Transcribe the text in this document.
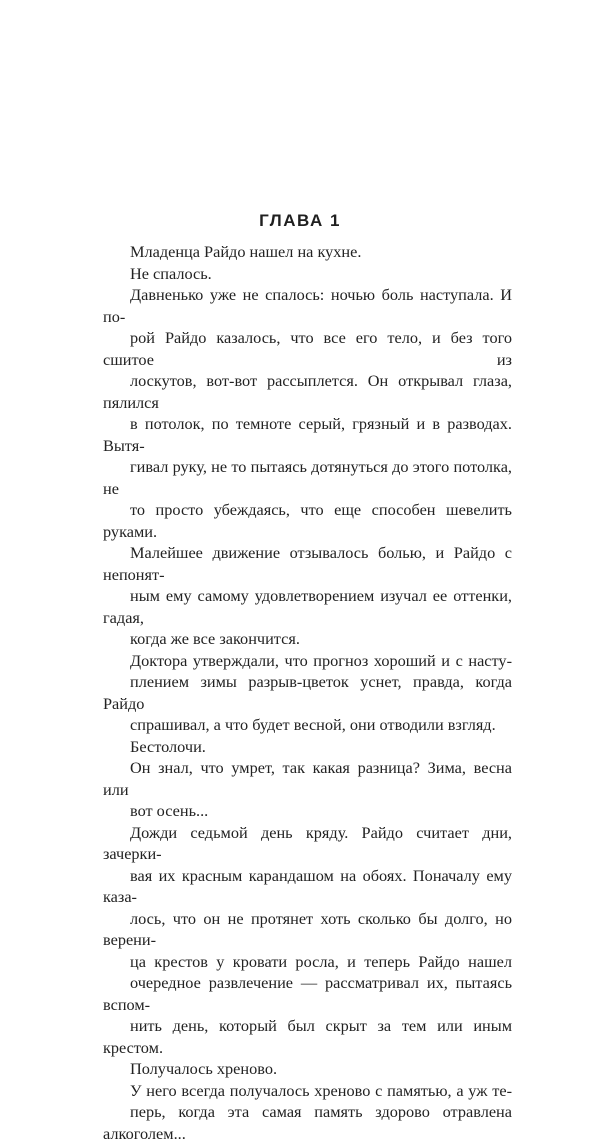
ГЛАВА 1

Младенца Райдо нашел на кухне.

Не спалось.

Давненько уже не спалось: ночью боль наступала. И по-
рой Райдо казалось, что все его тело, и без того сшитое из
лоскутов, вот-вот рассыплется. Он открывал глаза, пялился
в потолок, по темноте серый, грязный и в разводах. Вытя-
гивал руку, не то пытаясь дотянуться до этого потолка, не
то просто убеждаясь, что еще способен шевелить руками.
Малейшее движение отзывалось болью, и Райдо с непонят-
ным ему самому удовлетворением изучал ее оттенки, гадая,
когда же все закончится.

Доктора утверждали, что прогноз хороший и с насту-
плением зимы разрыв-цветок уснет, правда, когда Райдо
спрашивал, а что будет весной, они отводили взгляд.

Бестолочи.

Он знал, что умрет, так какая разница? Зима, весна или
вот осень...

Дожди седьмой день кряду. Райдо считает дни, зачерки-
вая их красным карандашом на обоях. Поначалу ему каза-
лось, что он не протянет хоть сколько бы долго, но верени-
ца крестов у кровати росла, и теперь Райдо нашел
очередное развлечение — рассматривал их, пытаясь вспом-
нить день, который был скрыт за тем или иным крестом.

Получалось хреново.

У него всегда получалось хреново с памятью, а уж те-
перь, когда эта самая память здорово отравлена алкоголем...
